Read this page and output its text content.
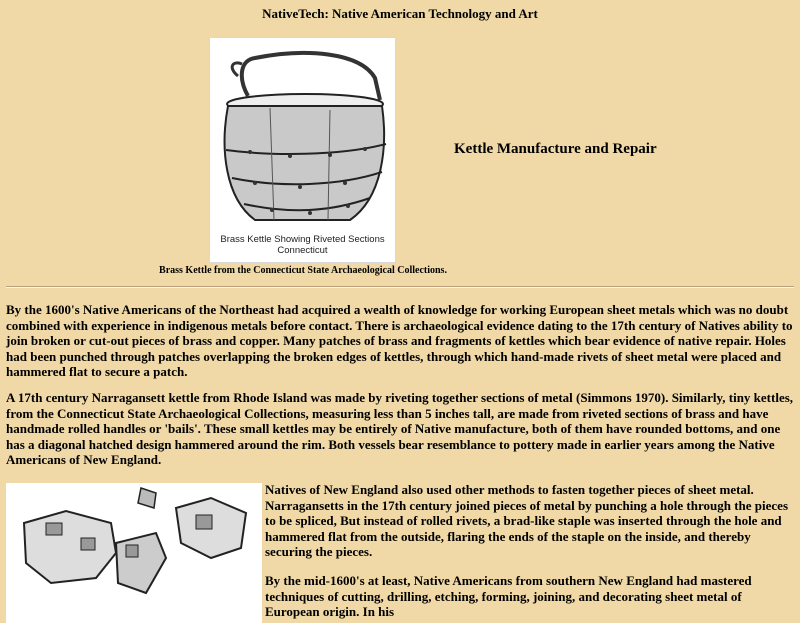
NativeTech: Native American Technology and Art
Brass Kettle Showing Riveted Sections
Connecticut
Kettle Manufacture and Repair
Brass Kettle from the Connecticut State Archaeological Collections.

By the 1600's Native Americans of the Northeast had acquired a wealth of knowledge for working European sheet metals which was no doubt combined with experience in indigenous metals before contact. There is archaeological evidence dating to the 17th century of Natives ability to join broken or cut-out pieces of brass and copper. Many patches of brass and fragments of kettles which bear evidence of native repair. Holes had been punched through patches overlapping the broken edges of kettles, through which hand-made rivets of sheet metal were placed and hammered flat to secure a patch.

A 17th century Narragansett kettle from Rhode Island was made by riveting together sections of metal (Simmons 1970). Similarly, tiny kettles, from the Connecticut State Archaeological Collections, measuring less than 5 inches tall, are made from riveted sections of brass and have handmade rolled handles or 'bails'. These small kettles may be entirely of Native manufacture, both of them have rounded bottoms, and one has a diagonal hatched design hammered around the rim. Both vessels bear resemblance to pottery made in earlier years among the Native Americans of New England.

Natives of New England also used other methods to fasten together pieces of sheet metal. Narragansetts in the 17th century joined pieces of metal by punching a hole through the pieces to be spliced, But instead of rolled rivets, a brad-like staple was inserted through the hole and hammered flat from the outside, flaring the ends of the staple on the inside, and thereby securing the pieces.

By the mid-1600's at least, Native Americans from southern New England had mastered techniques of cutting, drilling, etching, forming, joining, and decorating sheet metal of European origin. In his
